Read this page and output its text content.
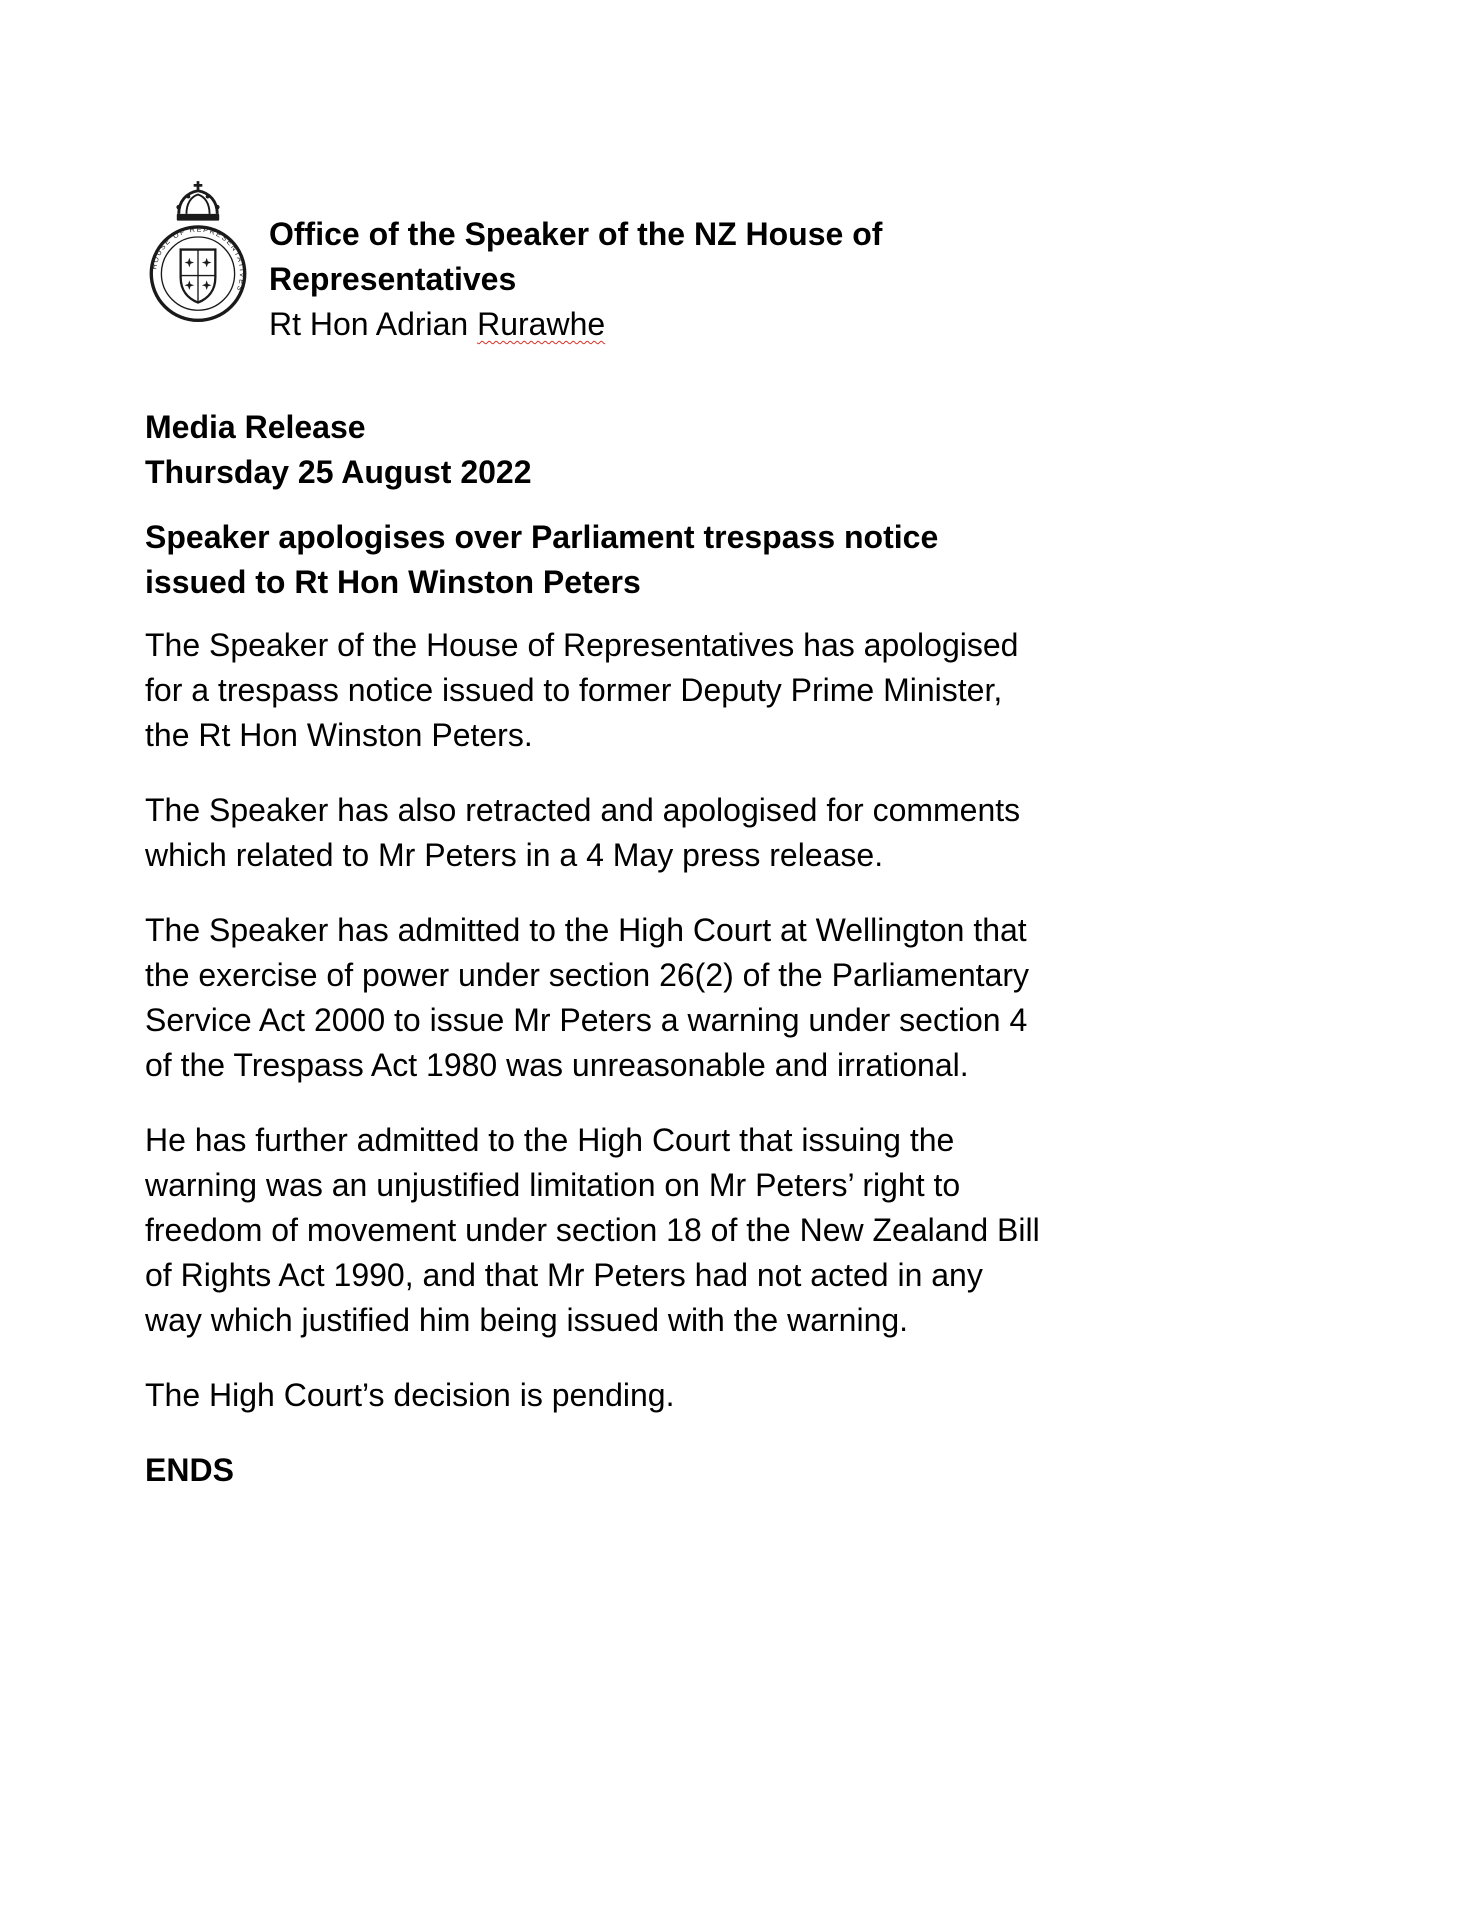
HOUSE OF REPRESENTATIVES
Office of the Speaker of the NZ House of
Representatives
Rt Hon Adrian Rurawhe
Media Release
Thursday 25 August 2022
Speaker apologises over Parliament trespass notice
issued to Rt Hon Winston Peters

The Speaker of the House of Representatives has apologised for a trespass notice issued to former Deputy Prime Minister, the Rt Hon Winston Peters.

The Speaker has also retracted and apologised for comments which related to Mr Peters in a 4 May press release.

The Speaker has admitted to the High Court at Wellington that the exercise of power under section 26(2) of the Parliamentary Service Act 2000 to issue Mr Peters a warning under section 4 of the Trespass Act 1980 was unreasonable and irrational.

He has further admitted to the High Court that issuing the warning was an unjustified limitation on Mr Peters’ right to freedom of movement under section 18 of the New Zealand Bill of Rights Act 1990, and that Mr Peters had not acted in any way which justified him being issued with the warning.

The High Court’s decision is pending.

ENDS
